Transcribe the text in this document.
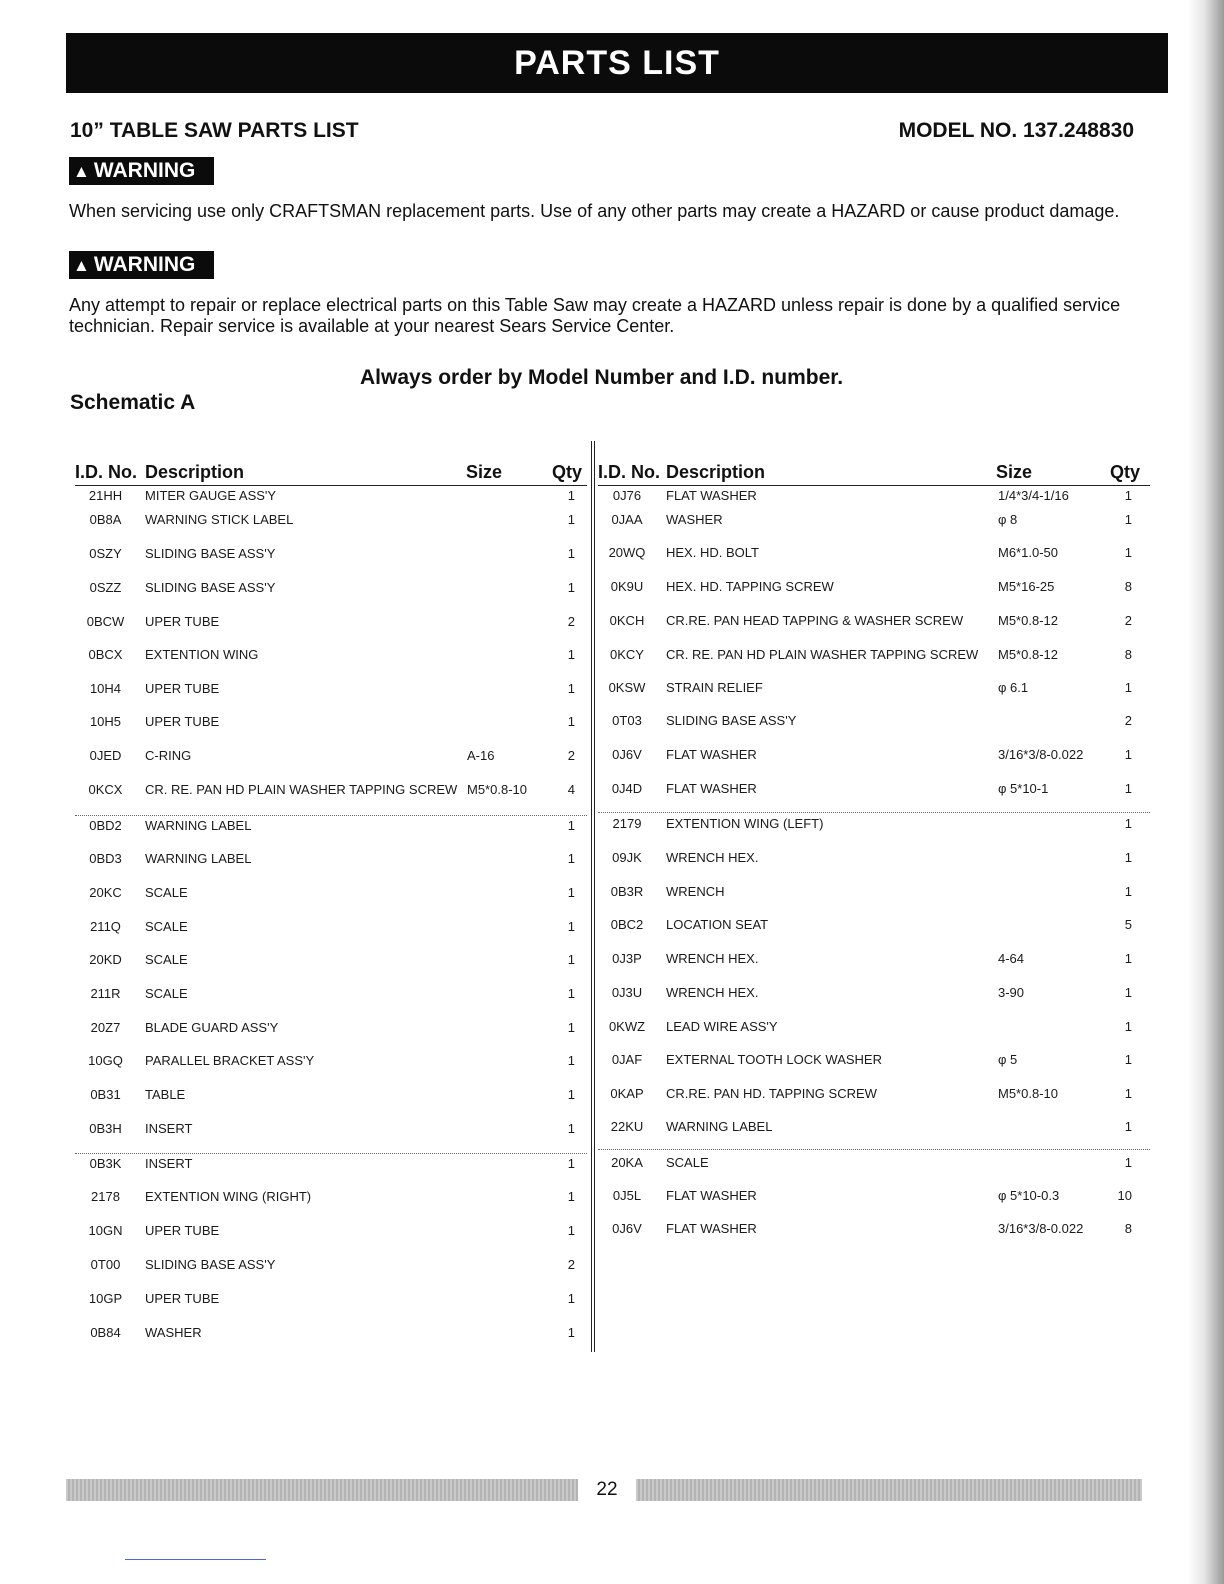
PARTS LIST
10” TABLE SAW PARTS LIST	MODEL NO. 137.248830
▲ WARNING
When servicing use only CRAFTSMAN replacement parts. Use of any other parts may create a HAZARD or cause product damage.
▲ WARNING
Any attempt to repair or replace electrical parts on this Table Saw may create a HAZARD unless repair is done by a qualified service technician. Repair service is available at your nearest Sears Service Center.
Always order by Model Number and I.D. number.
Schematic A
I.D. No. Description	Size	Qty I.D. No. Description	Size	Qty
21HH	MITER GAUGE ASS'Y	1
0B8A	WARNING STICK LABEL	1
0SZY	SLIDING BASE ASS'Y	1
0SZZ	SLIDING BASE ASS'Y	1
0BCW	UPER TUBE	2
0BCX	EXTENTION WING	1
10H4	UPER TUBE	1
10H5	UPER TUBE	1
0JED	C-RING	A-16	2
0KCX	CR. RE. PAN HD PLAIN WASHER TAPPING SCREW M5*0.8-10	4
0BD2	WARNING LABEL	1
0BD3	WARNING LABEL	1
20KC	SCALE	1
211Q	SCALE	1
20KD	SCALE	1
211R	SCALE	1
20Z7	BLADE GUARD ASS'Y	1
10GQ	PARALLEL BRACKET ASS'Y	1
0B31	TABLE	1
0B3H	INSERT	1
0B3K	INSERT	1
2178	EXTENTION WING (RIGHT)	1
10GN	UPER TUBE	1
0T00	SLIDING BASE ASS'Y	2
10GP	UPER TUBE	1
0B84	WASHER	1
0J76	FLAT WASHER	1/4*3/4-1/16	1
0JAA	WASHER	φ 8	1
20WQ	HEX. HD. BOLT	M6*1.0-50	1
0K9U	HEX. HD. TAPPING SCREW	M5*16-25	8
0KCH	CR.RE. PAN HEAD TAPPING & WASHER SCREW	M5*0.8-12	2
0KCY	CR. RE. PAN HD PLAIN WASHER TAPPING SCREW M5*0.8-12	8
0KSW	STRAIN RELIEF	φ 6.1	1
0T03	SLIDING BASE ASS'Y	2
0J6V	FLAT WASHER	3/16*3/8-0.022	1
0J4D	FLAT WASHER	φ 5*10-1	1
2179	EXTENTION WING (LEFT)	1
09JK	WRENCH HEX.	1
0B3R	WRENCH	1
0BC2	LOCATION SEAT	5
0J3P	WRENCH HEX.	4-64	1
0J3U	WRENCH HEX.	3-90	1
0KWZ	LEAD WIRE ASS'Y	1
0JAF	EXTERNAL TOOTH LOCK WASHER	φ 5	1
0KAP	CR.RE. PAN HD. TAPPING SCREW	M5*0.8-10	1
22KU	WARNING LABEL	1
20KA	SCALE	1
0J5L	FLAT WASHER	φ 5*10-0.3	10
0J6V	FLAT WASHER	3/16*3/8-0.022	8
22
